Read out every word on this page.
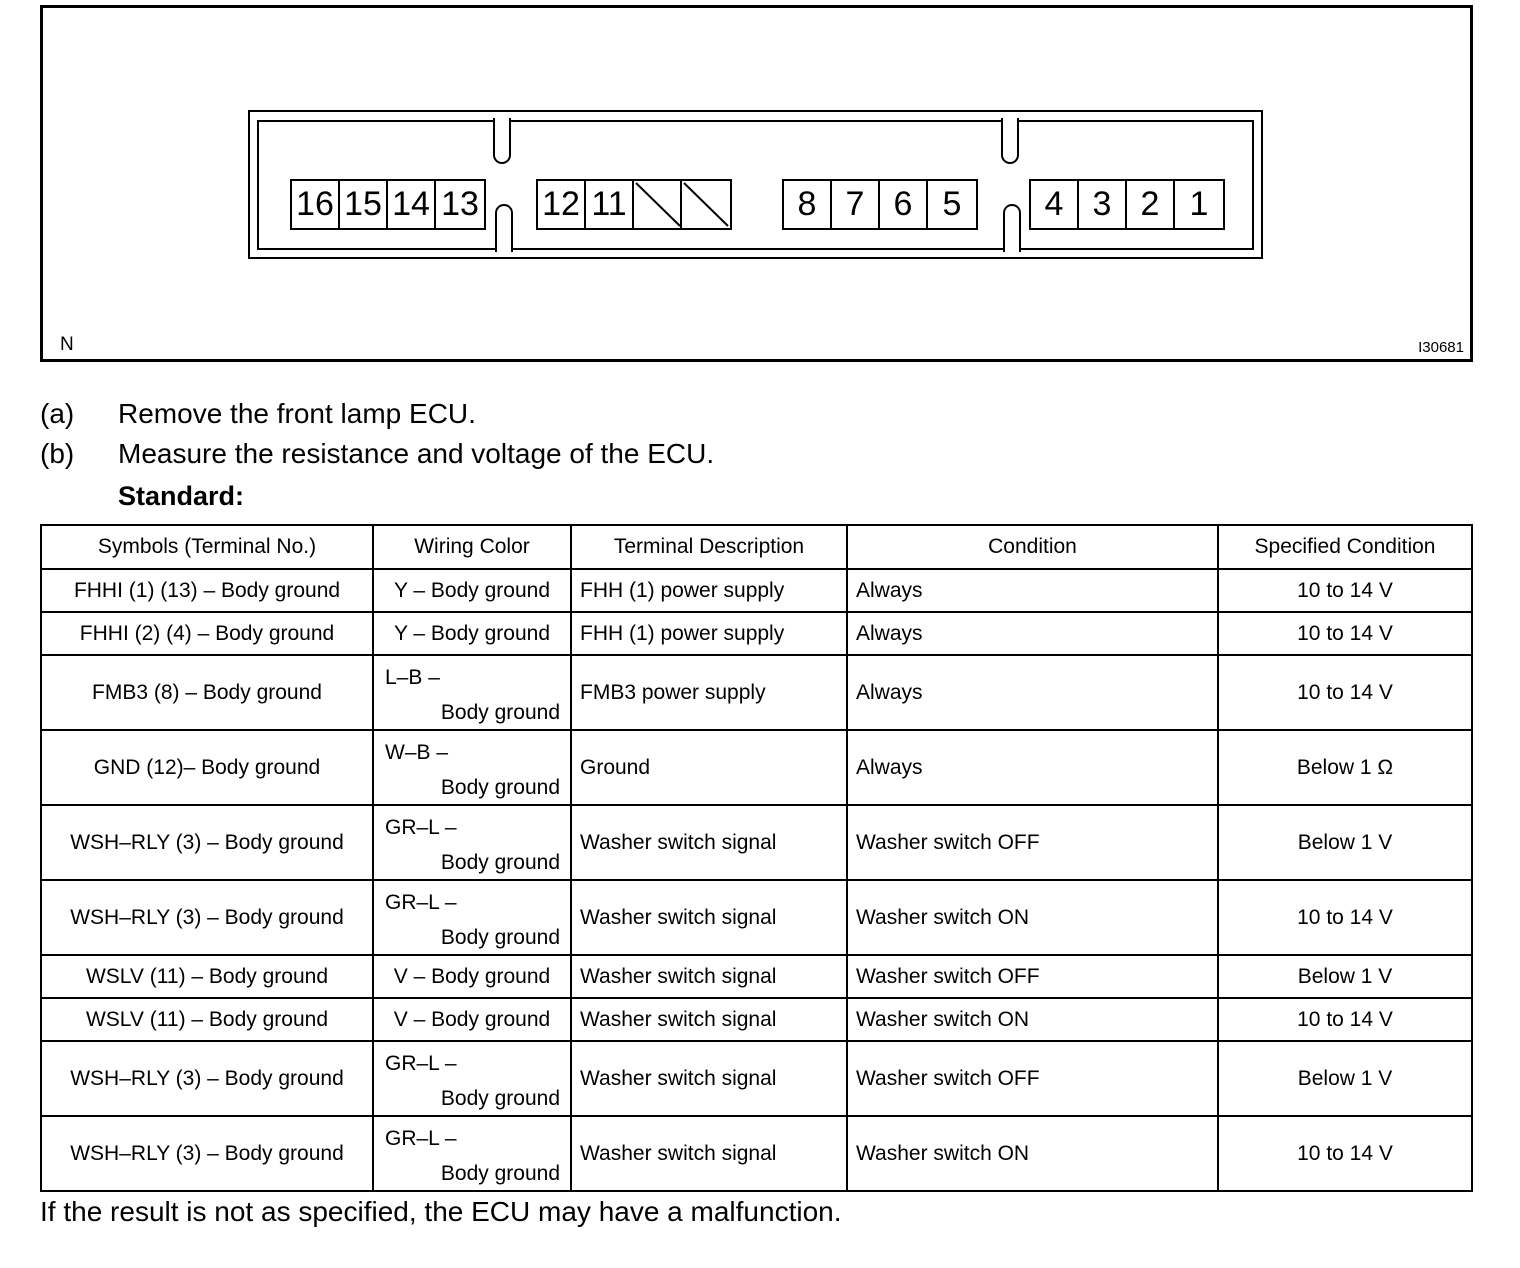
16 15 14 13 12 11	8 7 6 5	4 3 2 1
N	I30681
(a) Remove the front lamp ECU.
(b) Measure the resistance and voltage of the ECU.
Standard:
Symbols (Terminal No.)	Wiring Color	Terminal Description	Condition	Specified Condition
FHHI (1) (13) – Body ground	Y – Body ground	FHH (1) power supply	Always	10 to 14 V
FHHI (2) (4) – Body ground	Y – Body ground	FHH (1) power supply	Always	10 to 14 V
FMB3 (8) – Body ground	L–B –
Body ground	FMB3 power supply	Always	10 to 14 V
GND (12)– Body ground	W–B –
Body ground	Ground	Always	Below 1 Ω
WSH–RLY (3) – Body ground	GR–L –
Body ground	Washer switch signal	Washer switch OFF	Below 1 V
WSH–RLY (3) – Body ground	GR–L –
Body ground	Washer switch signal	Washer switch ON	10 to 14 V
WSLV (11) – Body ground	V – Body ground	Washer switch signal	Washer switch OFF	Below 1 V
WSLV (11) – Body ground	V – Body ground	Washer switch signal	Washer switch ON	10 to 14 V
WSH–RLY (3) – Body ground	GR–L –
Body ground	Washer switch signal	Washer switch OFF	Below 1 V
WSH–RLY (3) – Body ground	GR–L –
Body ground	Washer switch signal	Washer switch ON	10 to 14 V
If the result is not as specified, the ECU may have a malfunction.
